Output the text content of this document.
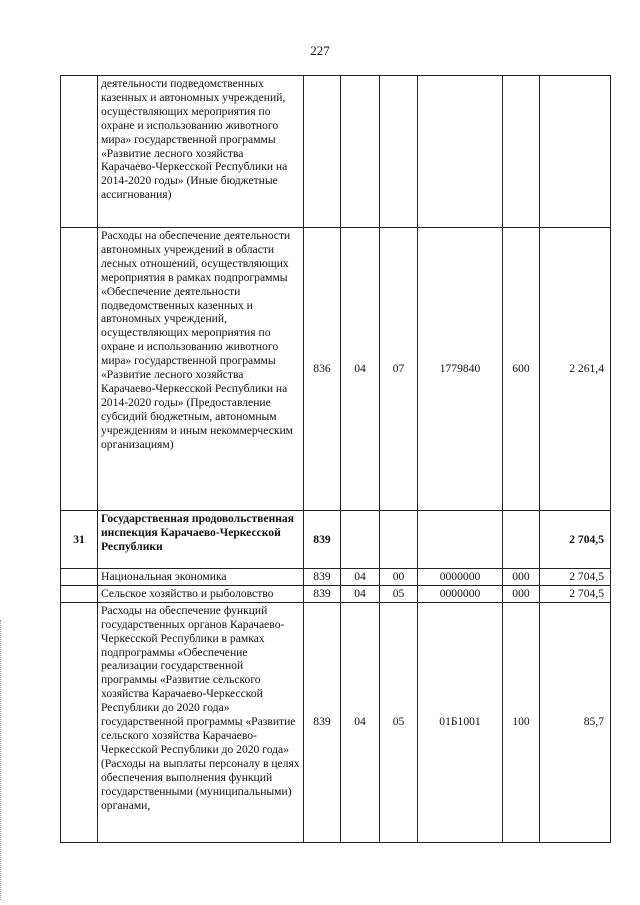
227
	деятельности подведомственных казенных и автономных учреждений, осуществляющих мероприятия по охране и использованию животного мира» государственной программы «Развитие лесного хозяйства Карачаево-Черкесской Республики на 2014-2020 годы» (Иные бюджетные ассигнования)						
	Расходы на обеспечение деятельности автономных учреждений в области лесных отношений, осуществляющих мероприятия в рамках подпрограммы «Обеспечение деятельности подведомственных казенных и автономных учреждений, осуществляющих мероприятия по охране и использованию животного мира» государственной программы «Развитие лесного хозяйства Карачаево-Черкесской Республики на 2014-2020 годы» (Предоставление субсидий бюджетным, автономным учреждениям и иным некоммерческим организациям)	836	04	07	1779840	600	2 261,4
31	Государственная продовольственная инспекция Карачаево-Черкесской Республики	839					2 704,5
	Национальная экономика	839	04	00	0000000	000	2 704,5
	Сельское хозяйство и рыболовство	839	04	05	0000000	000	2 704,5
	Расходы на обеспечение функций государственных органов Карачаево-Черкесской Республики в рамках подпрограммы «Обеспечение реализации государственной программы «Развитие сельского хозяйства Карачаево-Черкесской Республики до 2020 года» государственной программы «Развитие сельского хозяйства Карачаево-Черкесской Республики до 2020 года» (Расходы на выплаты персоналу в целях обеспечения выполнения функций государственными (муниципальными) органами,	839	04	05	01Б1001	100	85,7
